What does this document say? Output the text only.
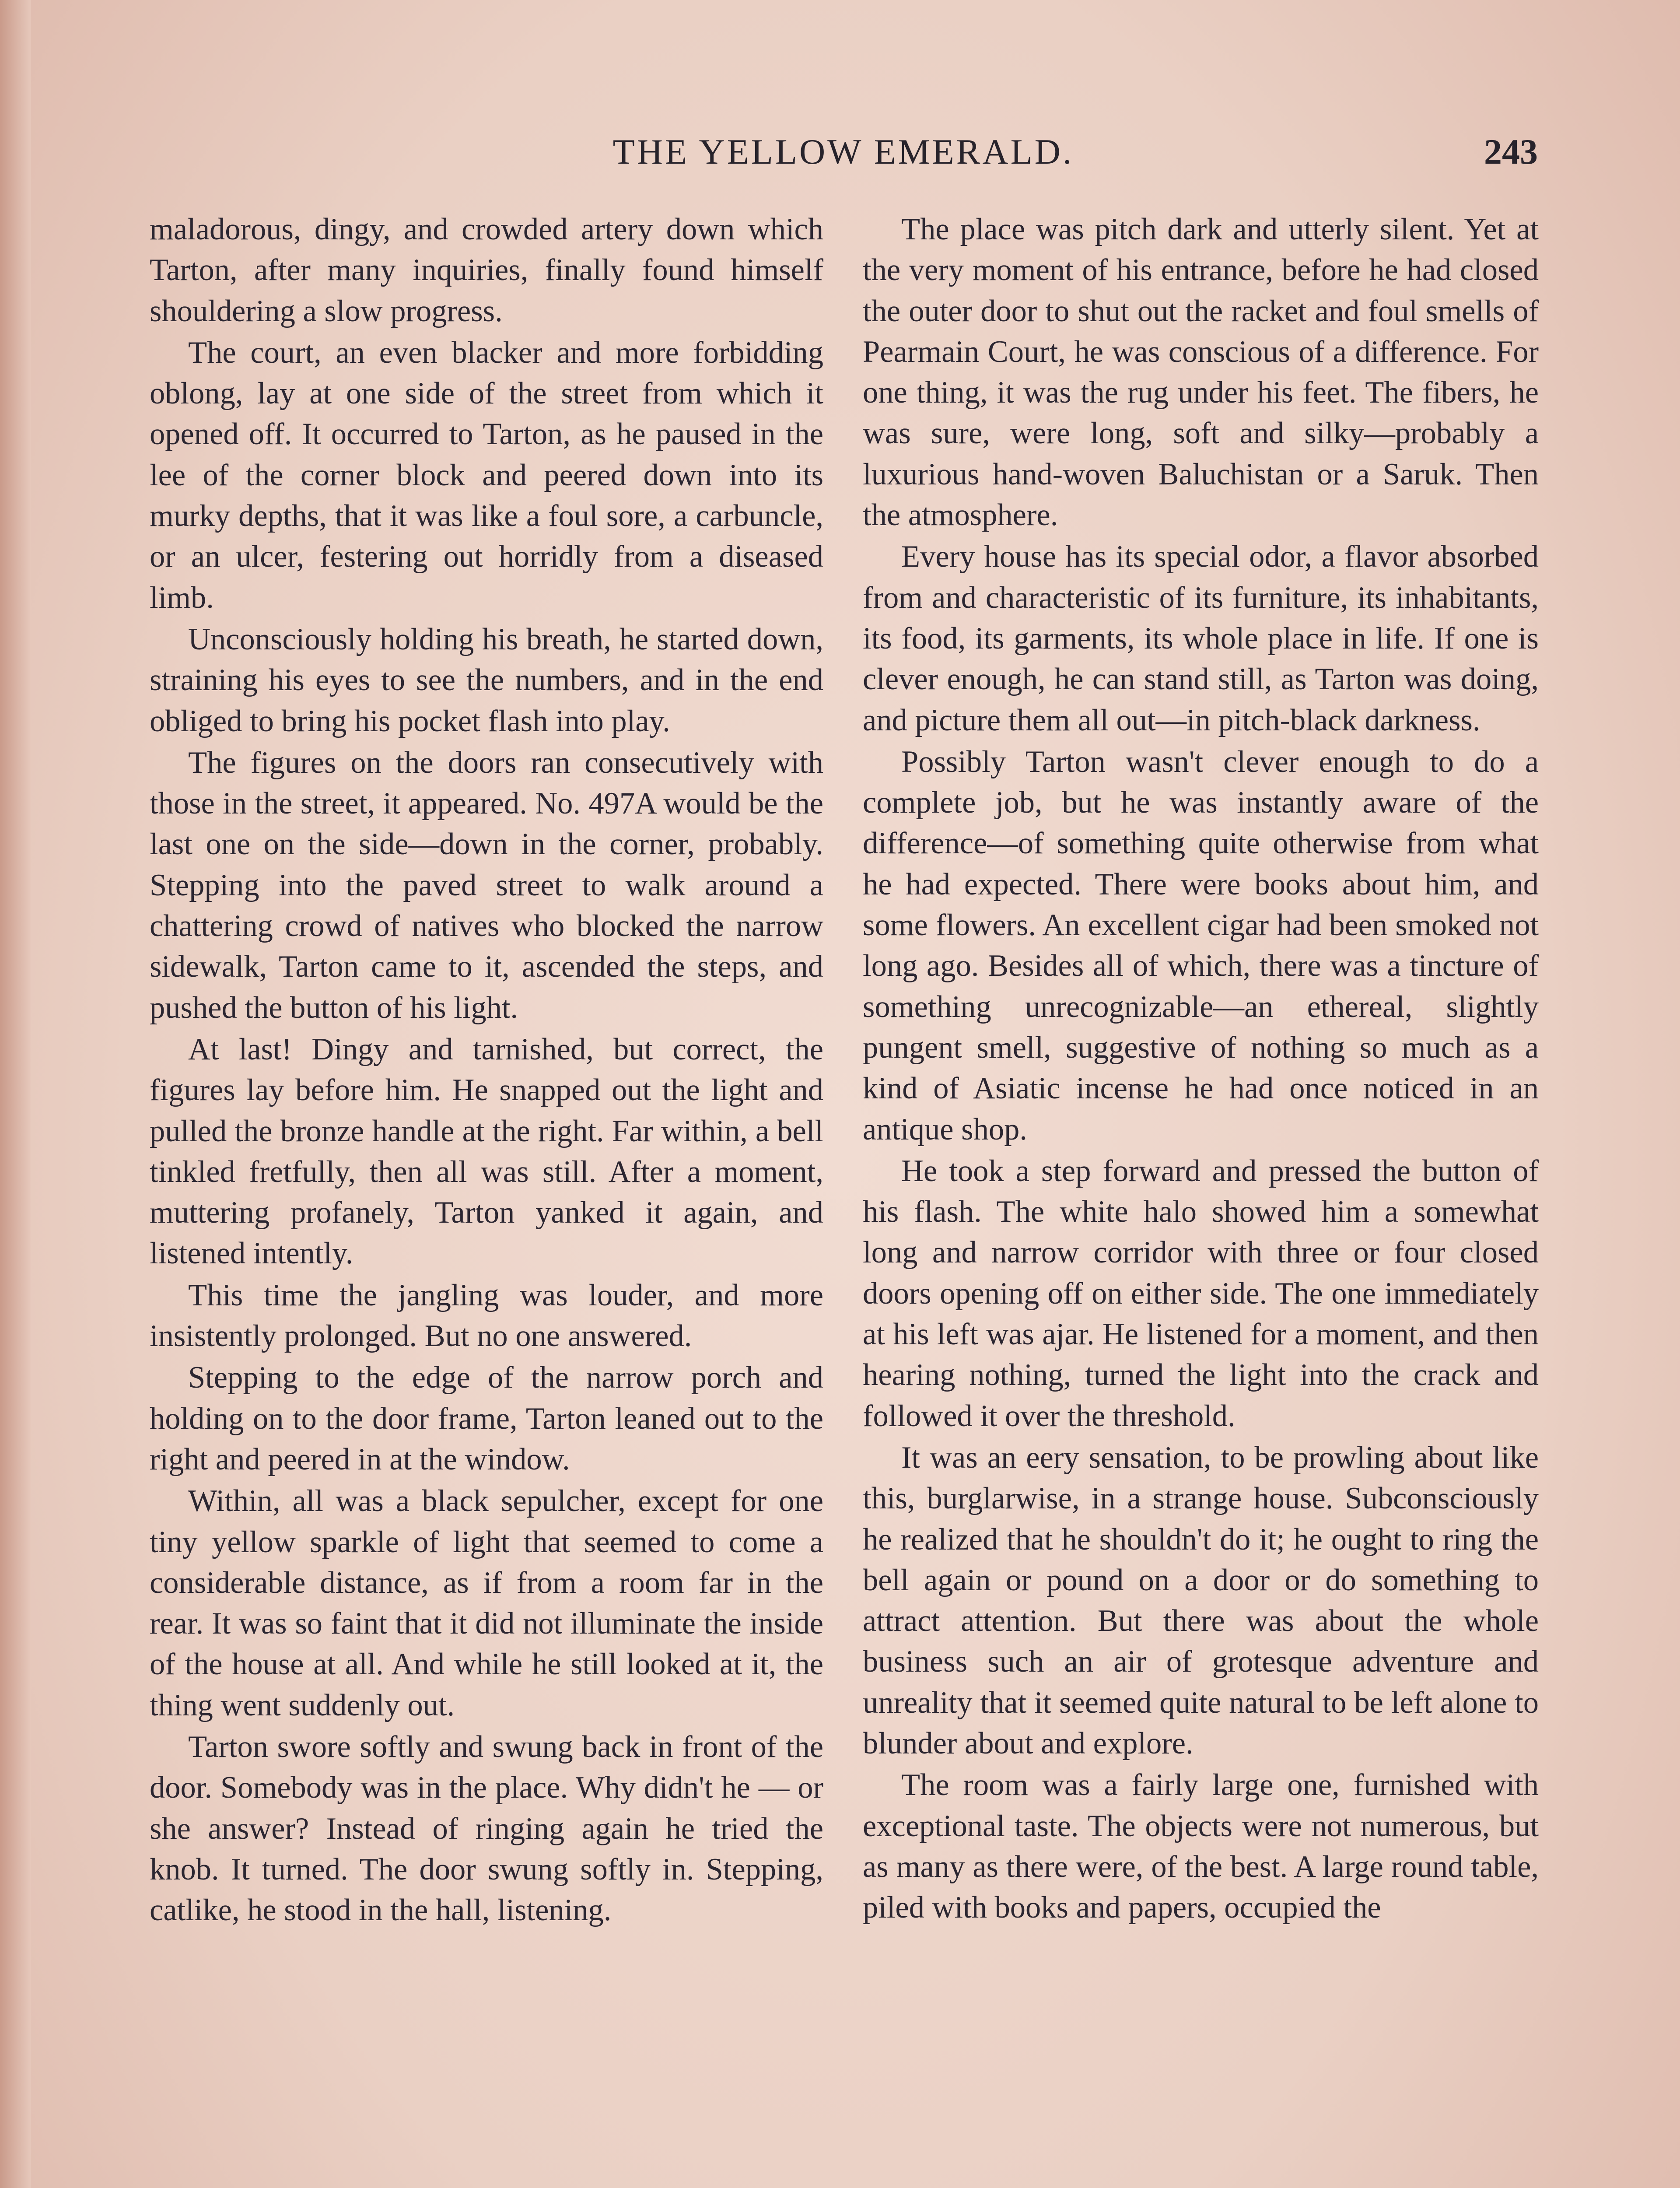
THE YELLOW EMERALD.	243

maladorous, dingy, and crowded artery down which Tarton, after many inquiries, finally found himself shouldering a slow progress.

The court, an even blacker and more forbidding oblong, lay at one side of the street from which it opened off. It occurred to Tarton, as he paused in the lee of the corner block and peered down into its murky depths, that it was like a foul sore, a carbuncle, or an ulcer, festering out horridly from a diseased limb.

Unconsciously holding his breath, he started down, straining his eyes to see the numbers, and in the end obliged to bring his pocket flash into play.

The figures on the doors ran consecutively with those in the street, it appeared. No. 497A would be the last one on the side—down in the corner, probably. Stepping into the paved street to walk around a chattering crowd of natives who blocked the narrow sidewalk, Tarton came to it, ascended the steps, and pushed the button of his light.

At last! Dingy and tarnished, but correct, the figures lay before him. He snapped out the light and pulled the bronze handle at the right. Far within, a bell tinkled fretfully, then all was still. After a moment, muttering profanely, Tarton yanked it again, and listened intently.

This time the jangling was louder, and more insistently prolonged. But no one answered.

Stepping to the edge of the narrow porch and holding on to the door frame, Tarton leaned out to the right and peered in at the window.

Within, all was a black sepulcher, except for one tiny yellow sparkle of light that seemed to come a considerable distance, as if from a room far in the rear. It was so faint that it did not illuminate the inside of the house at all. And while he still looked at it, the thing went suddenly out.

Tarton swore softly and swung back in front of the door. Somebody was in the place. Why didn't he — or she answer? Instead of ringing again he tried the knob. It turned. The door swung softly in. Stepping, catlike, he stood in the hall, listening.

The place was pitch dark and utterly silent. Yet at the very moment of his entrance, before he had closed the outer door to shut out the racket and foul smells of Pearmain Court, he was conscious of a difference. For one thing, it was the rug under his feet. The fibers, he was sure, were long, soft and silky—probably a luxurious hand-woven Baluchistan or a Saruk. Then the atmosphere.

Every house has its special odor, a flavor absorbed from and characteristic of its furniture, its inhabitants, its food, its garments, its whole place in life. If one is clever enough, he can stand still, as Tarton was doing, and picture them all out—in pitch-black darkness.

Possibly Tarton wasn't clever enough to do a complete job, but he was instantly aware of the difference—of something quite otherwise from what he had expected. There were books about him, and some flowers. An excellent cigar had been smoked not long ago. Besides all of which, there was a tincture of something unrecognizable—an ethereal, slightly pungent smell, suggestive of nothing so much as a kind of Asiatic incense he had once noticed in an antique shop.

He took a step forward and pressed the button of his flash. The white halo showed him a somewhat long and narrow corridor with three or four closed doors opening off on either side. The one immediately at his left was ajar. He listened for a moment, and then hearing nothing, turned the light into the crack and followed it over the threshold.

It was an eery sensation, to be prowling about like this, burglarwise, in a strange house. Subconsciously he realized that he shouldn't do it; he ought to ring the bell again or pound on a door or do something to attract attention. But there was about the whole business such an air of grotesque adventure and unreality that it seemed quite natural to be left alone to blunder about and explore.

The room was a fairly large one, furnished with exceptional taste. The objects were not numerous, but as many as there were, of the best. A large round table, piled with books and papers, occupied the
